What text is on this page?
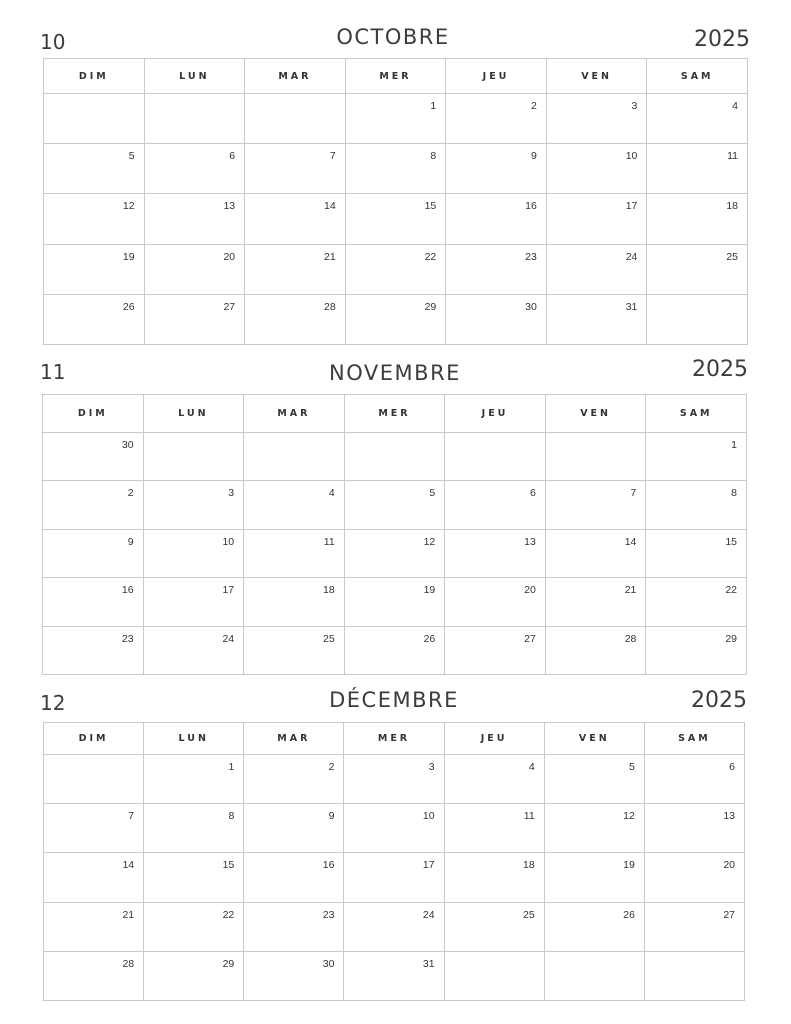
10	OCTOBRE	2025
DIM	LUN	MAR	MER	JEU	VEN	SAM
			1	2	3	4
5	6	7	8	9	10	11
12	13	14	15	16	17	18
19	20	21	22	23	24	25
26	27	28	29	30	31	
11	NOVEMBRE	2025
DIM	LUN	MAR	MER	JEU	VEN	SAM
30						1
2	3	4	5	6	7	8
9	10	11	12	13	14	15
16	17	18	19	20	21	22
23	24	25	26	27	28	29
12	DÉCEMBRE	2025
DIM	LUN	MAR	MER	JEU	VEN	SAM
	1	2	3	4	5	6
7	8	9	10	11	12	13
14	15	16	17	18	19	20
21	22	23	24	25	26	27
28	29	30	31			
